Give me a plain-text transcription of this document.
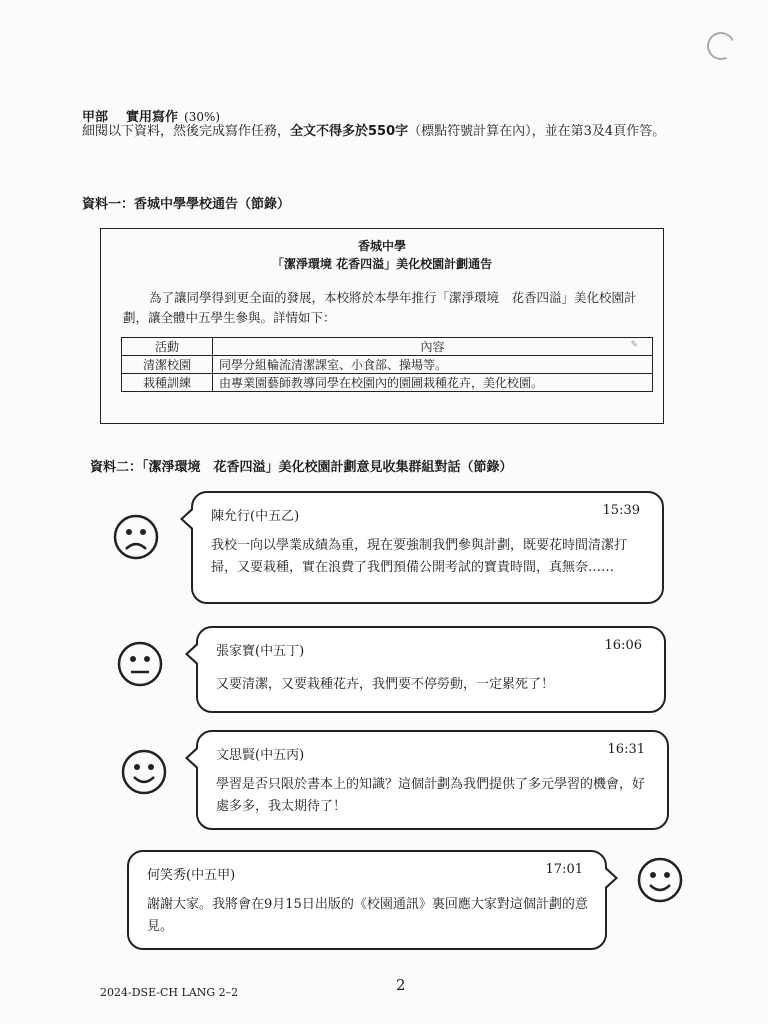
甲部 實用寫作 (30%)
細閱以下資料，然後完成寫作任務，全文不得多於550字（標點符號計算在內），並在第3及4頁作答。
資料一：香城中學學校通告（節錄）
香城中學
「潔淨環境 花香四溢」美化校園計劃通告
為了讓同學得到更全面的發展，本校將於本學年推行「潔淨環境　花香四溢」美化校園計劃，讓全體中五學生參與。詳情如下：
活動	內容 ✎

清潔校園	同學分組輪流清潔課室、小食部、操場等。
栽種訓練	由專業園藝師教導同學在校園內的園圃栽種花卉，美化校園。
資料二：「潔淨環境　花香四溢」美化校園計劃意見收集群組對話（節錄）
陳允行(中五乙)	15:39
我校一向以學業成績為重，現在要強制我們參與計劃，既要花時間清潔打掃，又要栽種，實在浪費了我們預備公開考試的寶貴時間，真無奈……
張家寶(中五丁)	16:06
又要清潔，又要栽種花卉，我們要不停勞動，一定累死了！
文思賢(中五丙)	16:31
學習是否只限於書本上的知識？這個計劃為我們提供了多元學習的機會，好處多多，我太期待了！
何笑秀(中五甲)	17:01
謝謝大家。我將會在9月15日出版的《校園通訊》裏回應大家對這個計劃的意見。
2024-DSE-CH LANG 2–2	2
